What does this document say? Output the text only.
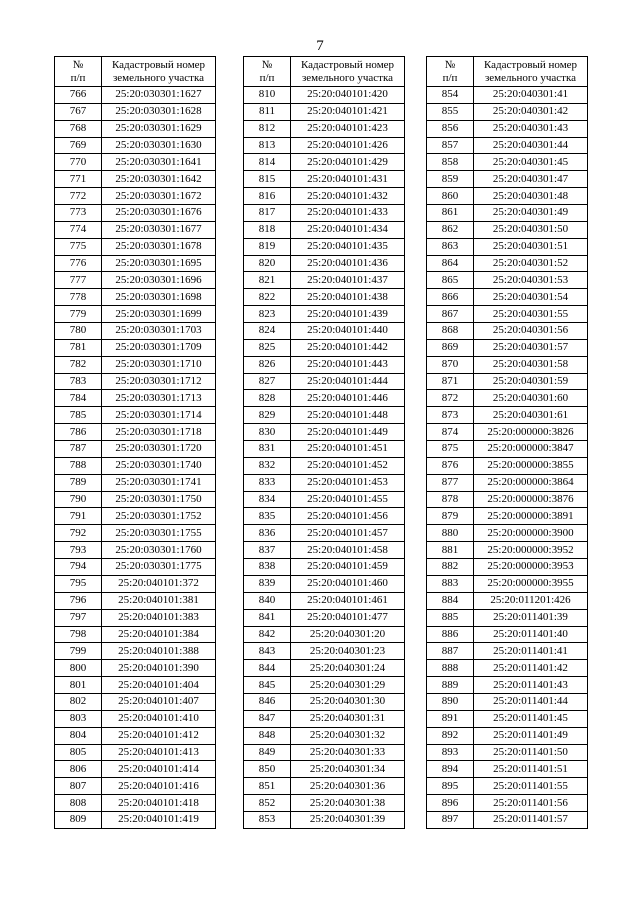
7
№
п/п	Кадастровый номер
земельного участка
766	25:20:030301:1627
767	25:20:030301:1628
768	25:20:030301:1629
769	25:20:030301:1630
770	25:20:030301:1641
771	25:20:030301:1642
772	25:20:030301:1672
773	25:20:030301:1676
774	25:20:030301:1677
775	25:20:030301:1678
776	25:20:030301:1695
777	25:20:030301:1696
778	25:20:030301:1698
779	25:20:030301:1699
780	25:20:030301:1703
781	25:20:030301:1709
782	25:20:030301:1710
783	25:20:030301:1712
784	25:20:030301:1713
785	25:20:030301:1714
786	25:20:030301:1718
787	25:20:030301:1720
788	25:20:030301:1740
789	25:20:030301:1741
790	25:20:030301:1750
791	25:20:030301:1752
792	25:20:030301:1755
793	25:20:030301:1760
794	25:20:030301:1775
795	25:20:040101:372
796	25:20:040101:381
797	25:20:040101:383
798	25:20:040101:384
799	25:20:040101:388
800	25:20:040101:390
801	25:20:040101:404
802	25:20:040101:407
803	25:20:040101:410
804	25:20:040101:412
805	25:20:040101:413
806	25:20:040101:414
807	25:20:040101:416
808	25:20:040101:418
809	25:20:040101:419
№
п/п	Кадастровый номер
земельного участка
810	25:20:040101:420
811	25:20:040101:421
812	25:20:040101:423
813	25:20:040101:426
814	25:20:040101:429
815	25:20:040101:431
816	25:20:040101:432
817	25:20:040101:433
818	25:20:040101:434
819	25:20:040101:435
820	25:20:040101:436
821	25:20:040101:437
822	25:20:040101:438
823	25:20:040101:439
824	25:20:040101:440
825	25:20:040101:442
826	25:20:040101:443
827	25:20:040101:444
828	25:20:040101:446
829	25:20:040101:448
830	25:20:040101:449
831	25:20:040101:451
832	25:20:040101:452
833	25:20:040101:453
834	25:20:040101:455
835	25:20:040101:456
836	25:20:040101:457
837	25:20:040101:458
838	25:20:040101:459
839	25:20:040101:460
840	25:20:040101:461
841	25:20:040101:477
842	25:20:040301:20
843	25:20:040301:23
844	25:20:040301:24
845	25:20:040301:29
846	25:20:040301:30
847	25:20:040301:31
848	25:20:040301:32
849	25:20:040301:33
850	25:20:040301:34
851	25:20:040301:36
852	25:20:040301:38
853	25:20:040301:39
№
п/п	Кадастровый номер
земельного участка
854	25:20:040301:41
855	25:20:040301:42
856	25:20:040301:43
857	25:20:040301:44
858	25:20:040301:45
859	25:20:040301:47
860	25:20:040301:48
861	25:20:040301:49
862	25:20:040301:50
863	25:20:040301:51
864	25:20:040301:52
865	25:20:040301:53
866	25:20:040301:54
867	25:20:040301:55
868	25:20:040301:56
869	25:20:040301:57
870	25:20:040301:58
871	25:20:040301:59
872	25:20:040301:60
873	25:20:040301:61
874	25:20:000000:3826
875	25:20:000000:3847
876	25:20:000000:3855
877	25:20:000000:3864
878	25:20:000000:3876
879	25:20:000000:3891
880	25:20:000000:3900
881	25:20:000000:3952
882	25:20:000000:3953
883	25:20:000000:3955
884	25:20:011201:426
885	25:20:011401:39
886	25:20:011401:40
887	25:20:011401:41
888	25:20:011401:42
889	25:20:011401:43
890	25:20:011401:44
891	25:20:011401:45
892	25:20:011401:49
893	25:20:011401:50
894	25:20:011401:51
895	25:20:011401:55
896	25:20:011401:56
897	25:20:011401:57
